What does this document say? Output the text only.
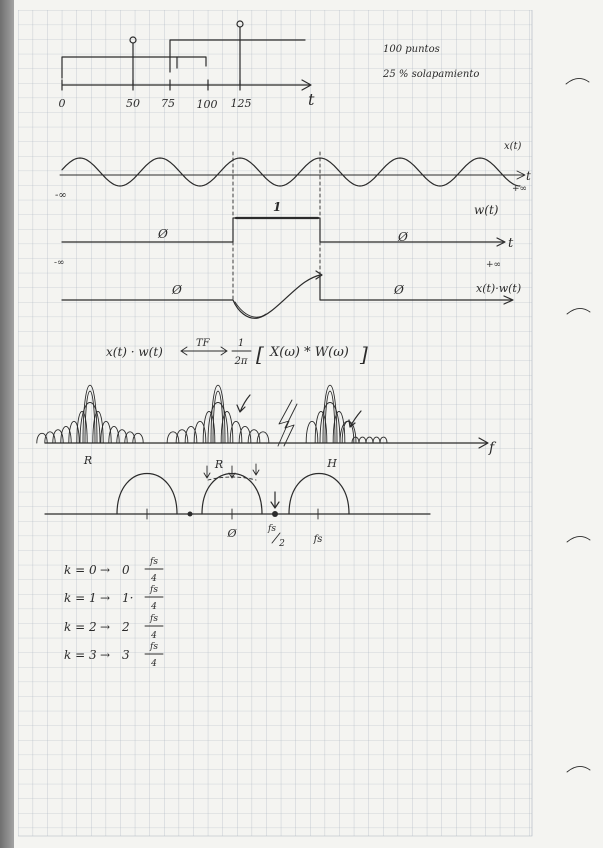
0	50 75 100 125	t
100 puntos
25 % solapamiento
x(t)
t
-∞
+∞
1
Ø	Ø
w(t)
t
-∞	+∞
Ø	Ø	x(t)·w(t)
x(t) · w(t)
TF	1
2π [ X(ω) * W(ω) ]
f
R	H
R
Ø	fs
2	fs
k = 0 → 0
fs
4
k = 1 → 1·
fs
4
k = 2 → 2
fs
4
k = 3 → 3
fs
4
